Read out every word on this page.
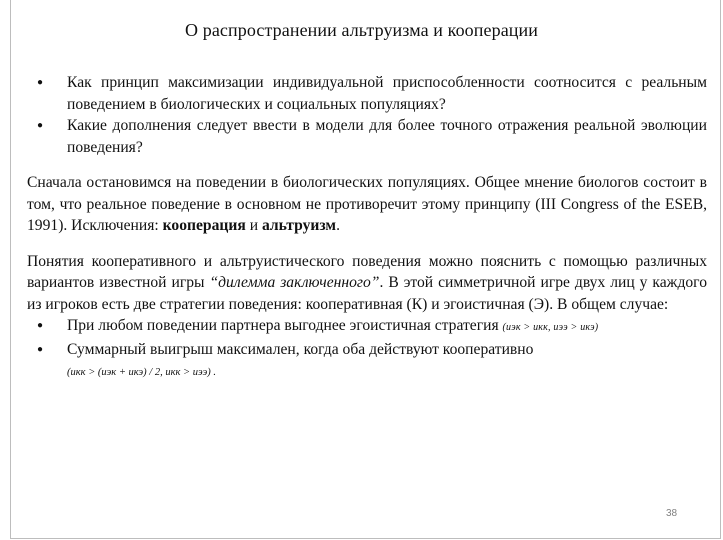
О распространении альтруизма и кооперации
● Как принцип максимизации индивидуальной приспособленности соотносится с реальным поведением в биологических и социальных популяциях?
● Какие дополнения следует ввести в модели для более точного отражения реальной эволюции поведения?

Сначала остановимся на поведении в биологических популяциях. Общее мнение биологов состоит в том, что реальное поведение в основном не противоречит этому принципу (III Congress of the ESEB, 1991). Исключения: кооперация и альтруизм.

Понятия кооперативного и альтруистического поведения можно пояснить с помощью различных вариантов известной игры “дилемма заключенного”. В этой симметричной игре двух лиц у каждого из игроков есть две стратегии поведения: кооперативная (К) и эгоистичная (Э). В общем случае:

● При любом поведении партнера выгоднее эгоистичная стратегия (uэк > uкк, uээ > uкэ)
● Суммарный выигрыш максимален, когда оба действуют кооперативно
(uкк > (uэк + uкэ) / 2, uкк > uээ) .
38
